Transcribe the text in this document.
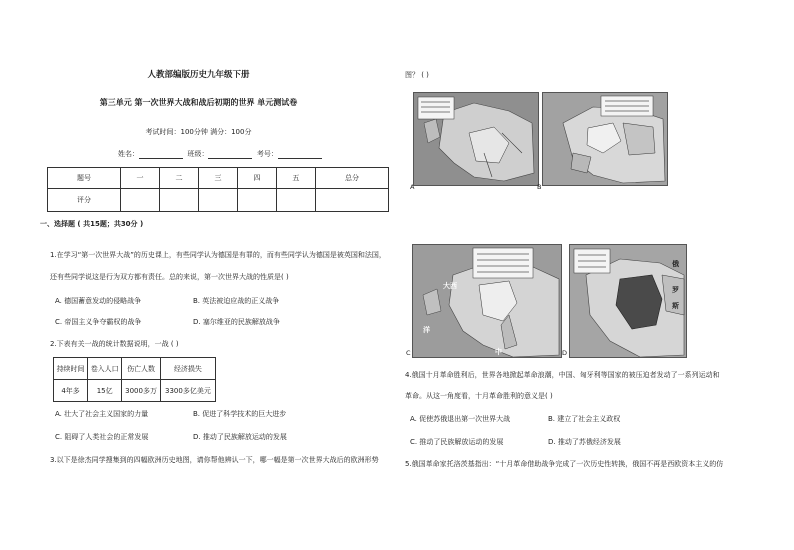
人教部编版历史九年级下册
第三单元 第一次世界大战和战后初期的世界 单元测试卷
考试时间：100分钟 满分：100分
姓名：	班级：	考号：
题号	一	二	三	四	五	总分
评分						
一、选择题 ( 共15题；共30分 )
1.在学习“第一次世界大战”的历史课上，有些同学认为德国是有罪的，而有些同学认为德国是被英国和法国，
还有些同学说这是行为双方都有责任。总的来说，第一次世界大战的性质是( )
A. 德国蓄意发动的侵略战争	B. 英法被迫应战的正义战争
C. 帝国主义争夺霸权的战争	D. 塞尔维亚的民族解放战争
2.下表有关一战的统计数据说明，一战 ( )
持续时间	卷入人口	伤亡人数	经济损失
4年多	15亿	3000多万	3300多亿美元
A. 壮大了社会主义国家的力量	B. 促进了科学技术的巨大进步
C. 阻碍了人类社会的正常发展	D. 推动了民族解放运动的发展
3.以下是徐杰同学搜集到的四幅欧洲历史地图，请你帮他辨认一下，哪一幅是第一次世界大战后的欧洲形势
图？ ( )
A	B
大西
洋
中
C
俄
罗
斯
D
4.俄国十月革命胜利后，世界各地掀起革命浪潮，中国、匈牙利等国家的被压迫者发动了一系列运动和
革命。从这一角度看，十月革命胜利的意义是( )
A. 促使苏俄退出第一次世界大战	B. 建立了社会主义政权
C. 推动了民族解放运动的发展	D. 推动了苏俄经济发展
5.俄国革命家托洛茨基指出：“十月革命借助战争完成了一次历史性转换，俄国不再是西欧资本主义的仿
